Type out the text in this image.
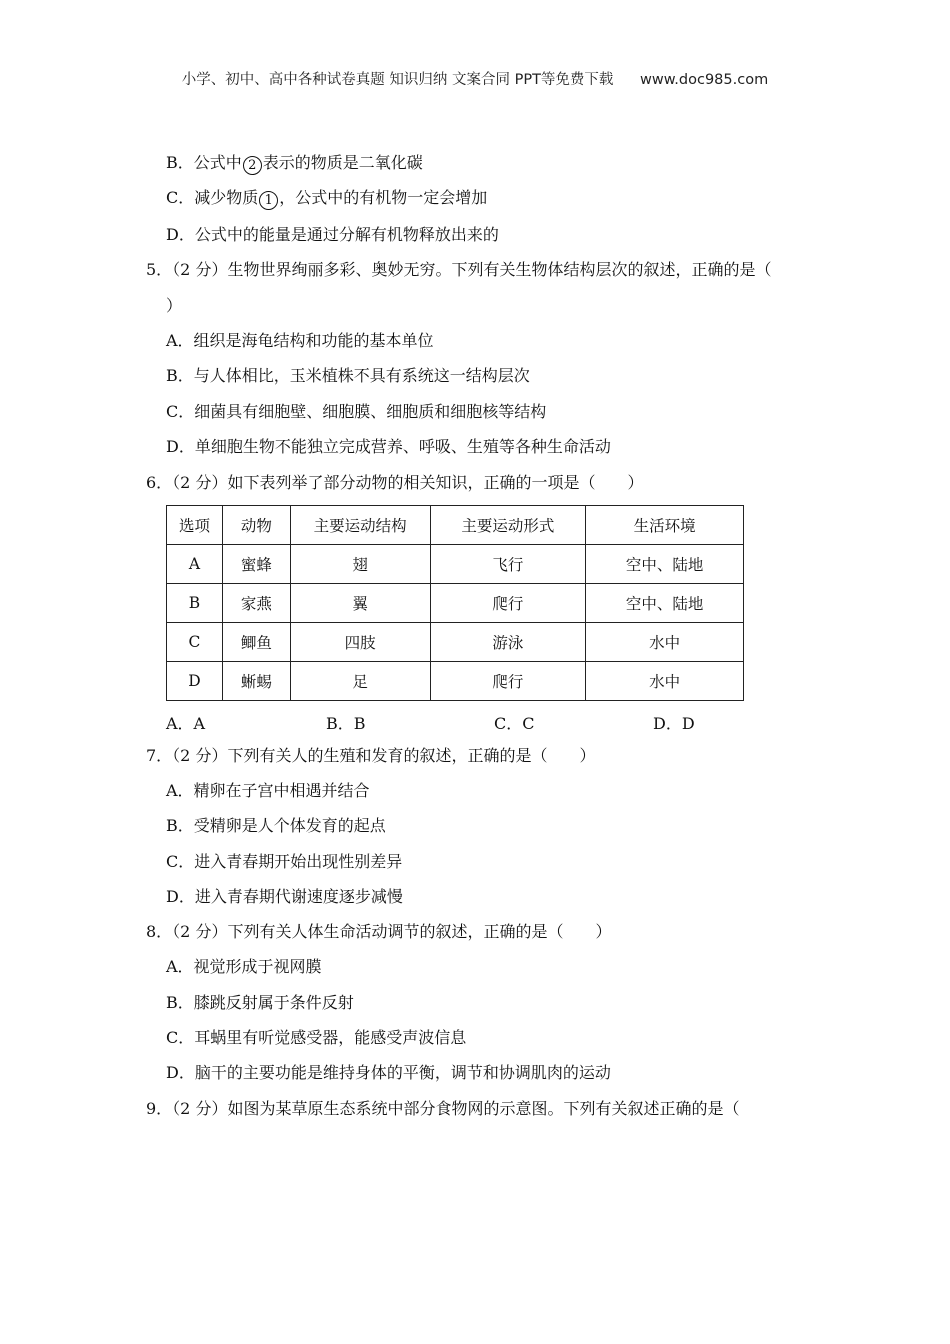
小学、初中、高中各种试卷真题 知识归纳 文案合同 PPT等免费下载 www.doc985.com
B．公式中 2 表示的物质是二氧化碳
C．减少物质 1 ，公式中的有机物一定会增加
D．公式中的能量是通过分解有机物释放出来的
5．（2 分）生物世界绚丽多彩、奥妙无穷。下列有关生物体结构层次的叙述，正确的是（
）
A．组织是海龟结构和功能的基本单位
B．与人体相比，玉米植株不具有系统这一结构层次
C．细菌具有细胞壁、细胞膜、细胞质和细胞核等结构
D．单细胞生物不能独立完成营养、呼吸、生殖等各种生命活动
6．（2 分）如下表列举了部分动物的相关知识，正确的一项是（　　）
选项	动物	主要运动结构	主要运动形式	生活环境
A	蜜蜂	翅	飞行	空中、陆地
B	家燕	翼	爬行	空中、陆地
C	鲫鱼	四肢	游泳	水中
D	蜥蜴	足	爬行	水中
A．A	B．B	C．C	D．D
7．（2 分）下列有关人的生殖和发育的叙述，正确的是（　　）
A．精卵在子宫中相遇并结合
B．受精卵是人个体发育的起点
C．进入青春期开始出现性别差异
D．进入青春期代谢速度逐步减慢
8．（2 分）下列有关人体生命活动调节的叙述，正确的是（　　）
A．视觉形成于视网膜
B．膝跳反射属于条件反射
C．耳蜗里有听觉感受器，能感受声波信息
D．脑干的主要功能是维持身体的平衡，调节和协调肌肉的运动
9．（2 分）如图为某草原生态系统中部分食物网的示意图。下列有关叙述正确的是（
